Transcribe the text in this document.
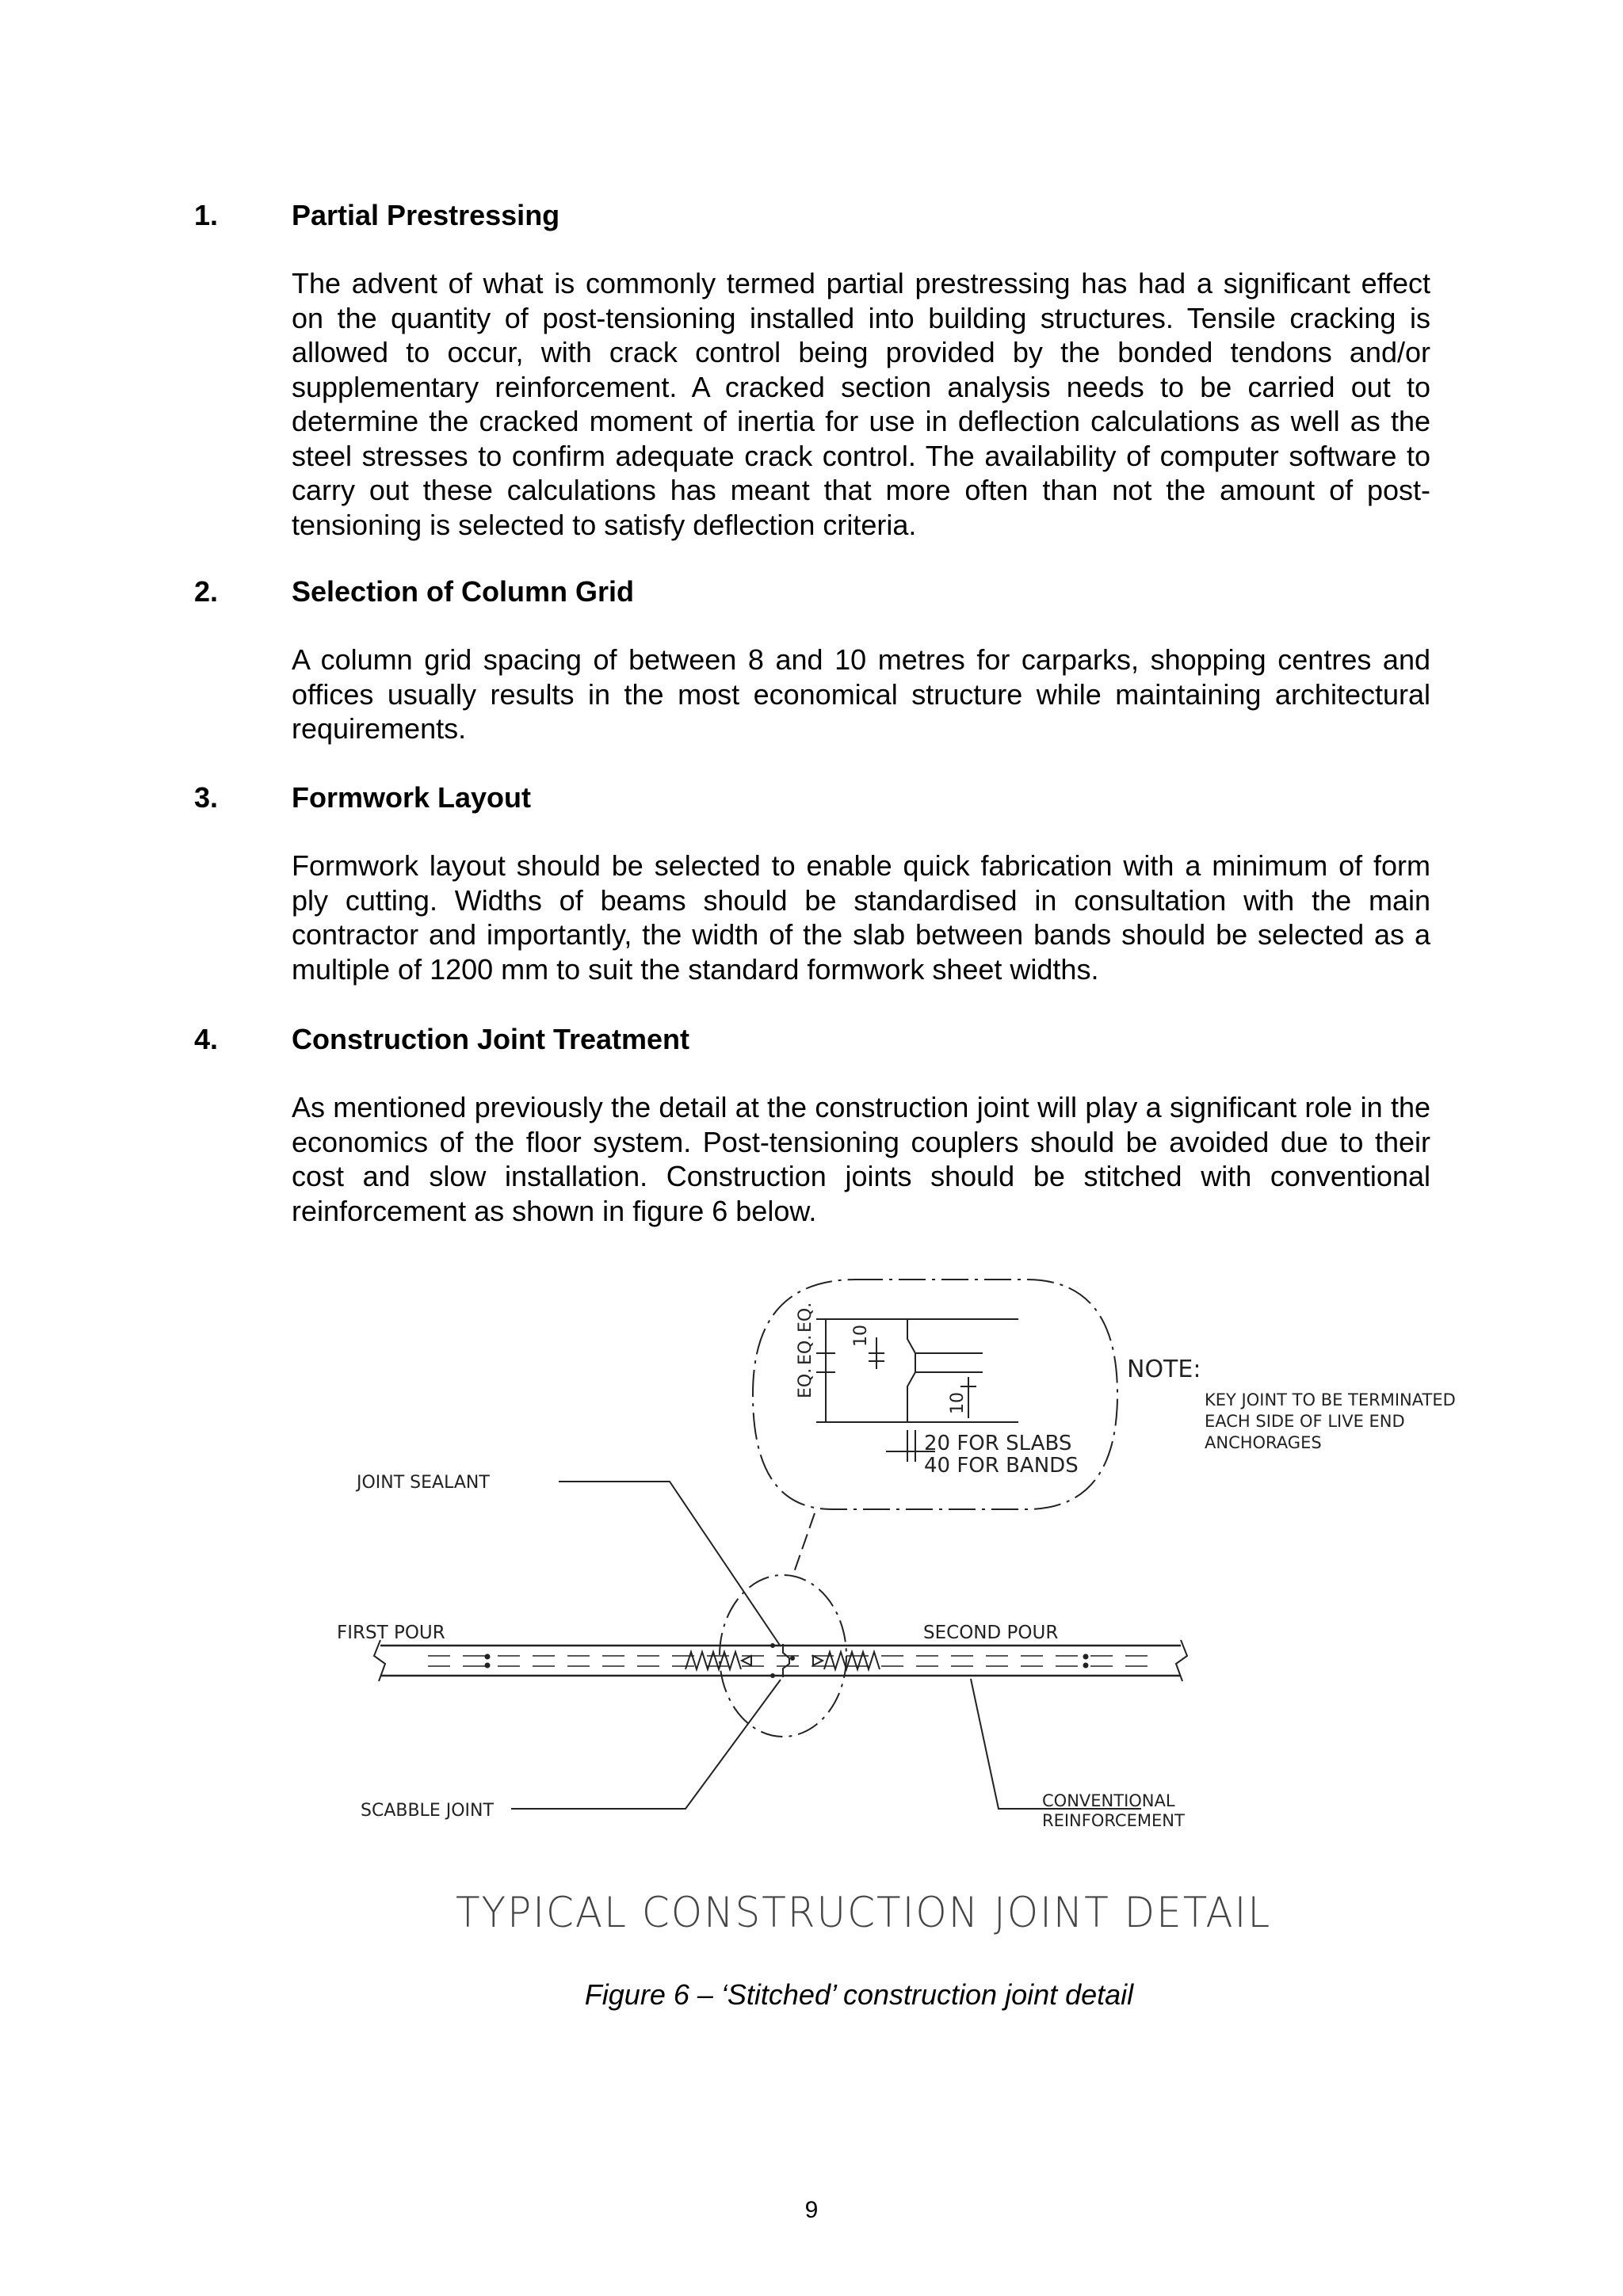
1.	Partial Prestressing

The advent of what is commonly termed partial prestressing has had a significant effect on the quantity of post-tensioning installed into building structures. Tensile cracking is allowed to occur, with crack control being provided by the bonded tendons and/or supplementary reinforcement. A cracked section analysis needs to be carried out to determine the cracked moment of inertia for use in deflection calculations as well as the steel stresses to confirm adequate crack control. The availability of computer software to carry out these calculations has meant that more often than not the amount of post-tensioning is selected to satisfy deflection criteria.

2.	Selection of Column Grid

A column grid spacing of between 8 and 10 metres for carparks, shopping centres and offices usually results in the most economical structure while maintaining architectural requirements.

3.	Formwork Layout

Formwork layout should be selected to enable quick fabrication with a minimum of form ply cutting. Widths of beams should be standardised in consultation with the main contractor and importantly, the width of the slab between bands should be selected as a multiple of 1200 mm to suit the standard formwork sheet widths.

4.	Construction Joint Treatment

As mentioned previously the detail at the construction joint will play a significant role in the economics of the floor system. Post-tensioning couplers should be avoided due to their cost and slow installation. Construction joints should be stitched with conventional reinforcement as shown in figure 6 below.

EQ.
EQ.
EQ.
10
10
20 FOR SLABS
40 FOR BANDS
NOTE:
KEY JOINT TO BE TERMINATED
EACH SIDE OF LIVE END
ANCHORAGES
JOINT SEALANT
FIRST POUR	SECOND POUR
SCABBLE JOINT	CONVENTIONAL
REINFORCEMENT
TYPICAL CONSTRUCTION JOINT DETAIL
Figure 6 – ‘Stitched’ construction joint detail
9
